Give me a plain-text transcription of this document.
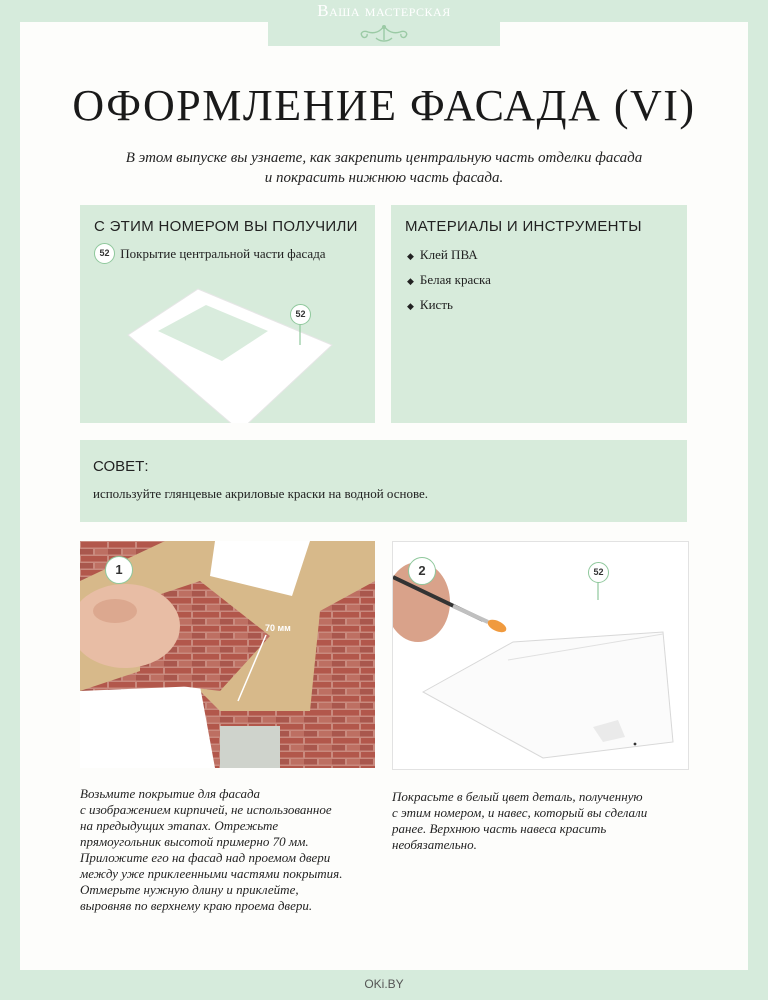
Ваша мастерская
ОФОРМЛЕНИЕ ФАСАДА (VI)
В этом выпуске вы узнаете, как закрепить центральную часть отделки фасада
и покрасить нижнюю часть фасада.
С ЭТИМ НОМЕРОМ ВЫ ПОЛУЧИЛИ
52 Покрытие центральной части фасада
52
МАТЕРИАЛЫ И ИНСТРУМЕНТЫ
◆ Клей ПВА
◆ Белая краска
◆ Кисть
СОВЕТ:
используйте глянцевые акриловые краски на водной основе.
1
70 мм
2	52
Возьмите покрытие для фасада
с изображением кирпичей, не использованное
на предыдущих этапах. Отрежьте
прямоугольник высотой примерно 70 мм.
Приложите его на фасад над проемом двери
между уже приклеенными частями покрытия.
Отмерьте нужную длину и приклейте,
выровняв по верхнему краю проема двери.
Покрасьте в белый цвет деталь, полученную
с этим номером, и навес, который вы сделали
ранее. Верхнюю часть навеса красить
необязательно.
OKi.BY
